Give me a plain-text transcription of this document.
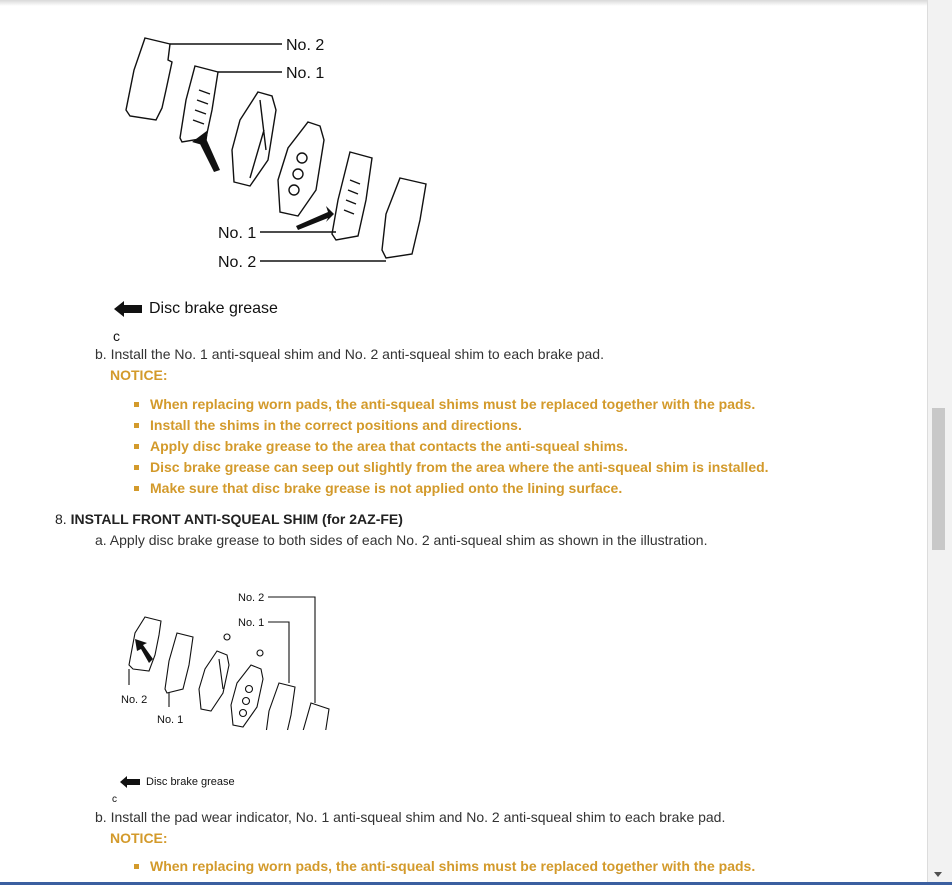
No. 2
No. 1
No. 1
No. 2
Disc brake grease
c
b. Install the No. 1 anti-squeal shim and No. 2 anti-squeal shim to each brake pad.
NOTICE:
When replacing worn pads, the anti-squeal shims must be replaced together with the pads.
Install the shims in the correct positions and directions.
Apply disc brake grease to the area that contacts the anti-squeal shims.
Disc brake grease can seep out slightly from the area where the anti-squeal shim is installed.
Make sure that disc brake grease is not applied onto the lining surface.
8. INSTALL FRONT ANTI-SQUEAL SHIM (for 2AZ-FE)
a. Apply disc brake grease to both sides of each No. 2 anti-squeal shim as shown in the illustration.
No. 2
No. 1
No. 2
No. 1
Disc brake grease
c
b. Install the pad wear indicator, No. 1 anti-squeal shim and No. 2 anti-squeal shim to each brake pad.
NOTICE:
When replacing worn pads, the anti-squeal shims must be replaced together with the pads.
